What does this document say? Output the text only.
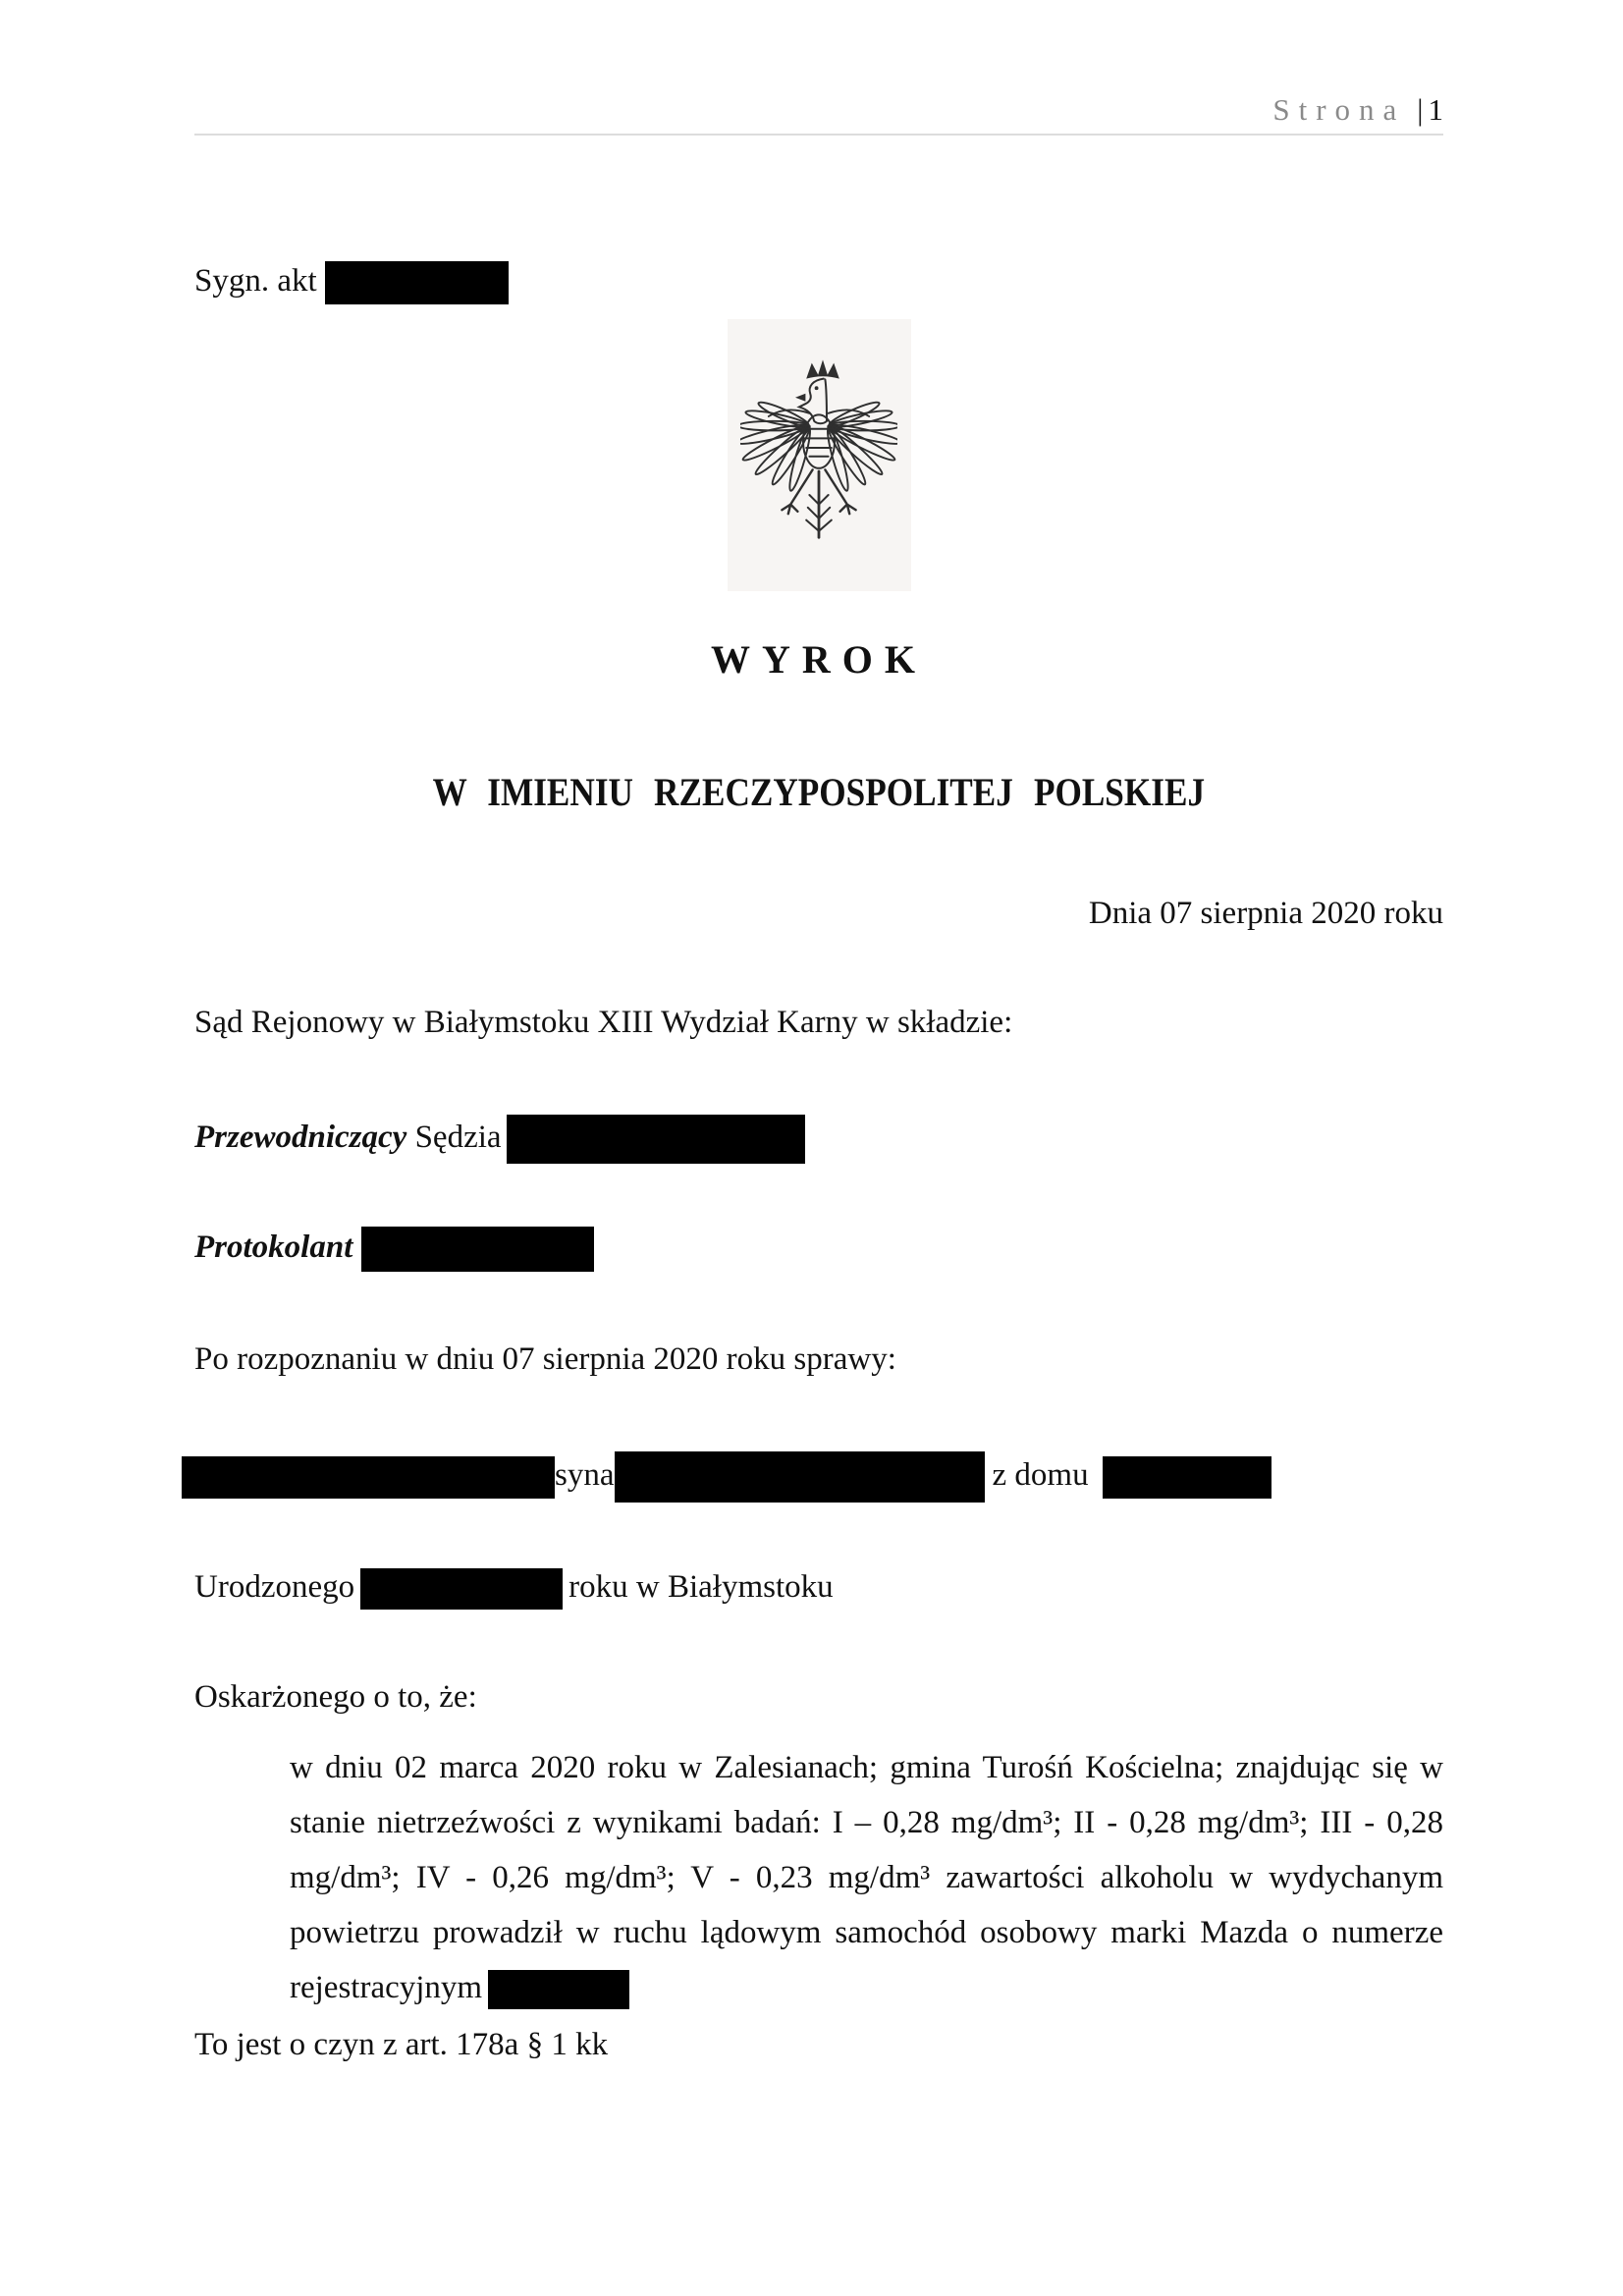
Strona | 1
Sygn. akt
WYROK
W IMIENIU RZECZYPOSPOLITEJ POLSKIEJ
Dnia 07 sierpnia 2020 roku
Sąd Rejonowy w Białymstoku XIII Wydział Karny w składzie:
Przewodniczący Sędzia
Protokolant
Po rozpoznaniu w dniu 07 sierpnia 2020 roku sprawy:
syna	z domu
Urodzonego	roku w Białymstoku
Oskarżonego o to, że:
w dniu 02 marca 2020 roku w Zalesianach; gmina Turośń Kościelna; znajdując się w
stanie nietrzeźwości z wynikami badań: I – 0,28 mg/dm³; II - 0,28 mg/dm³; III - 0,28
mg/dm³; IV - 0,26 mg/dm³; V - 0,23 mg/dm³ zawartości alkoholu w wydychanym
powietrzu prowadził w ruchu lądowym samochód osobowy marki Mazda o numerze
rejestracyjnym
To jest o czyn z art. 178a § 1 kk
